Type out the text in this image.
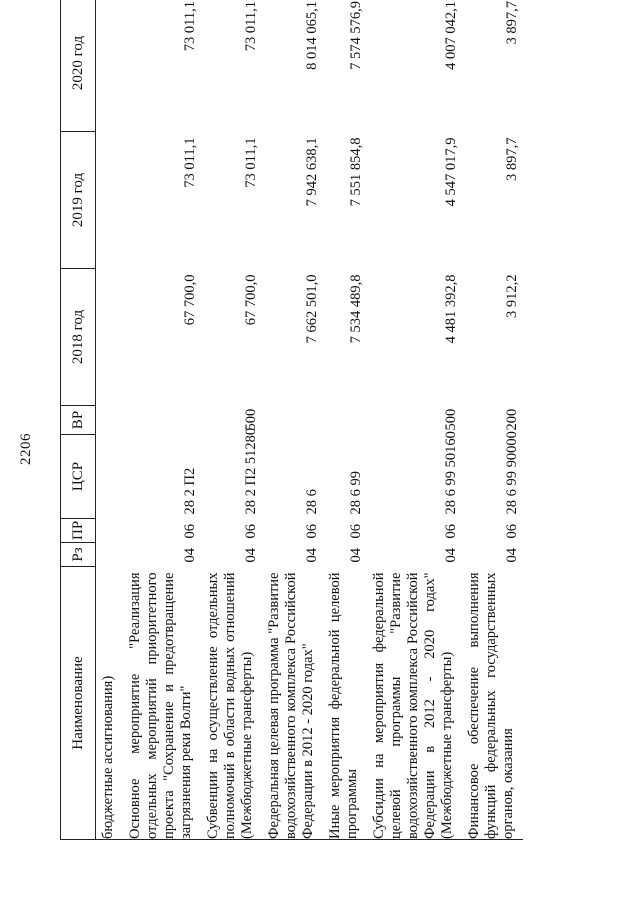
2206
Наименование	Рз	ПР	ЦСР	ВР	2018 год	2019 год	2020 год
бюджетные ассигнования)							
Основное мероприятие "Реализация отдельных мероприятий приоритетного проекта "Сохранение и предотвращение загрязнения реки Волги"	04	06	28 2 П2		67 700,0	73 011,1	73 011,1
Субвенции на осуществление отдельных полномочий в области водных отношений (Межбюджетные трансферты)	04	06	28 2 П2 51280	500	67 700,0	73 011,1	73 011,1
Федеральная целевая программа "Развитие водохозяйственного комплекса Российской Федерации в 2012 - 2020 годах"	04	06	28 6		7 662 501,0	7 942 638,1	8 014 065,1
Иные мероприятия федеральной целевой программы	04	06	28 6 99		7 534 489,8	7 551 854,8	7 574 576,9
Субсидии на мероприятия федеральной целевой программы "Развитие водохозяйственного комплекса Российской Федерации в 2012 - 2020 годах" (Межбюджетные трансферты)	04	06	28 6 99 50160	500	4 481 392,8	4 547 017,9	4 007 042,1
Финансовое обеспечение выполнения функций федеральных государственных органов, оказания	04	06	28 6 99 90000	200	3 912,2	3 897,7	3 897,7
